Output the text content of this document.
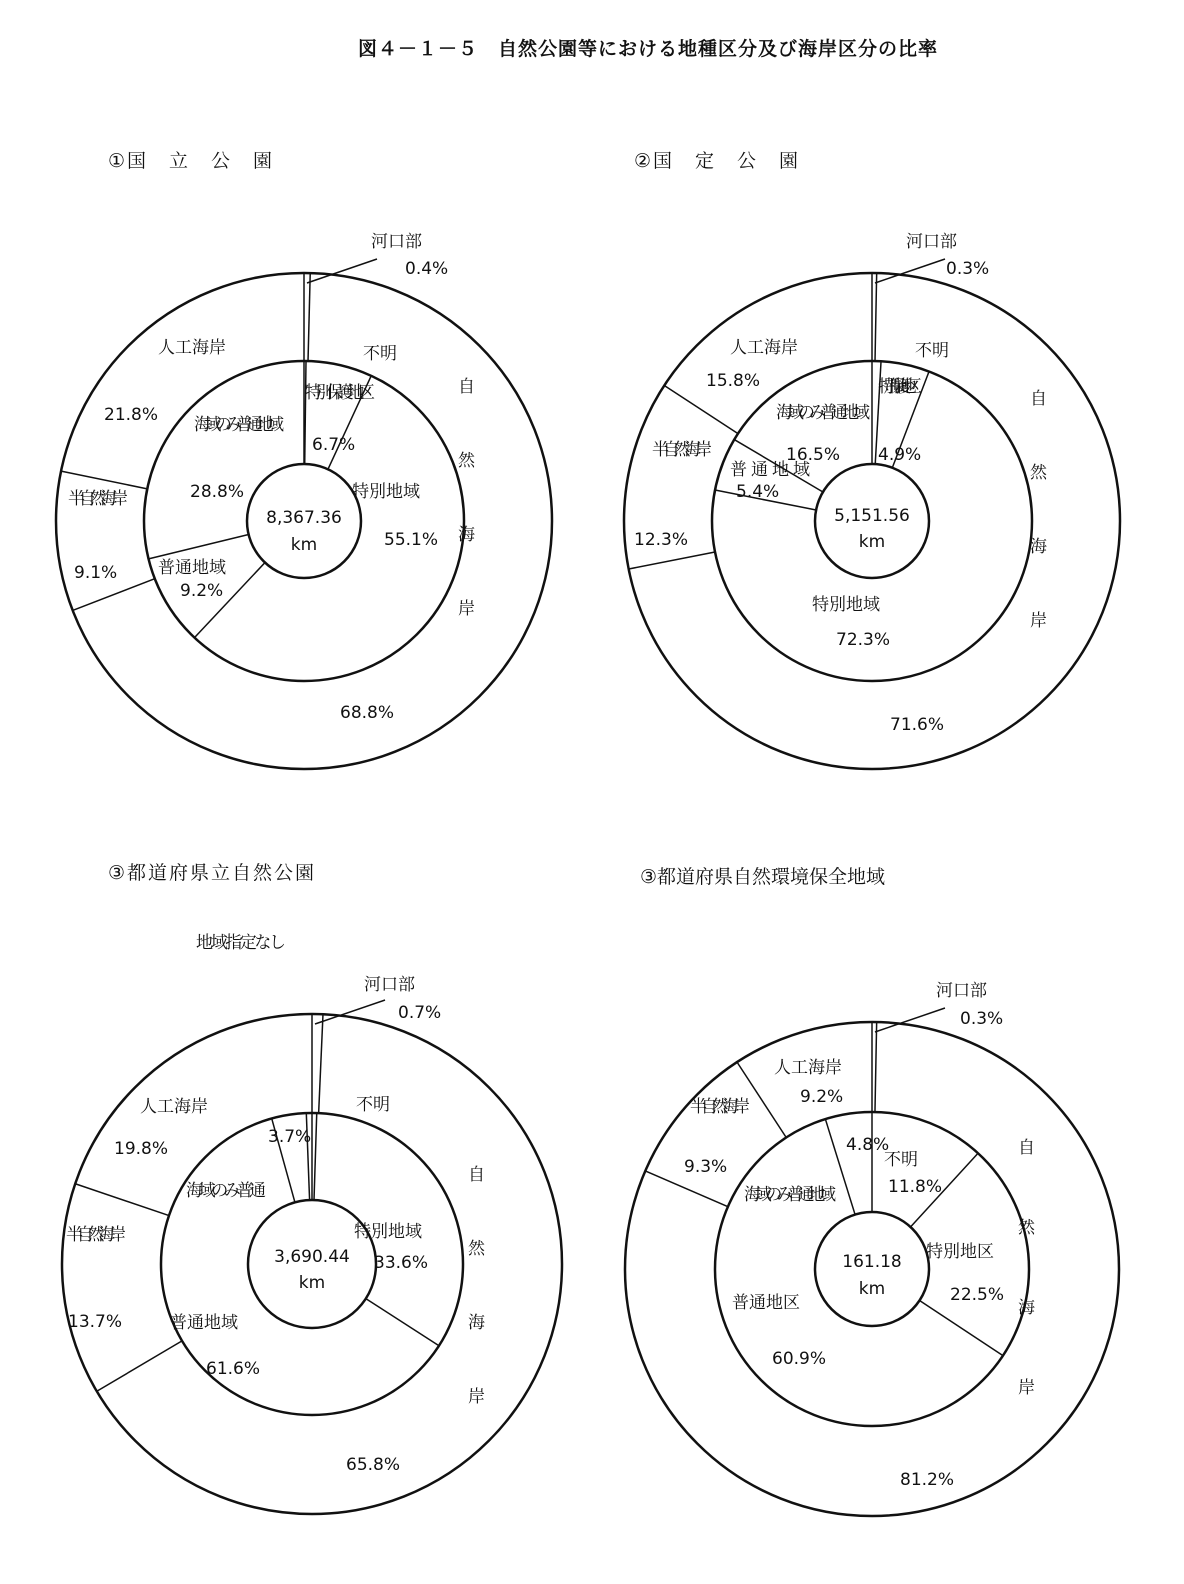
図４－１－５　自然公園等における地種区分及び海岸区分の比率
①国　立　公　園	②国　定　公　園
③都道府県立自然公園	③都道府県自然環境保全地域
河口部
0.4%
人工海岸
21.8%
半自然海岸
9.1%
68.8%
自然海岸
不明
特別保護地区
6.7%
特別地域
55.1%
普通地域
9.2%
海域のみ普通地域
28.8%
8,367.36
km
河口部
0.3%
人工海岸
15.8%
半自然海岸
12.3%
71.6%
自然海岸
不明
特別保護地区
4.9%
特別地域
72.3%
普通地域
5.4%
海域のみ普通地域
16.5%
5,151.56
km
地域指定なし
河口部
0.7%
人工海岸
19.8%
半自然海岸
13.7%
65.8%
自然海岸
不明
特別地域
33.6%
普通地域
61.6%
海域のみ普通
3.7%
3,690.44
km
河口部
0.3%
人工海岸
9.2%
半自然海岸
9.3%
81.2%
自然海岸
不明
11.8%
特別地区
22.5%
普通地区
60.9%
海域のみ普通地域
4.8%
161.18
km
